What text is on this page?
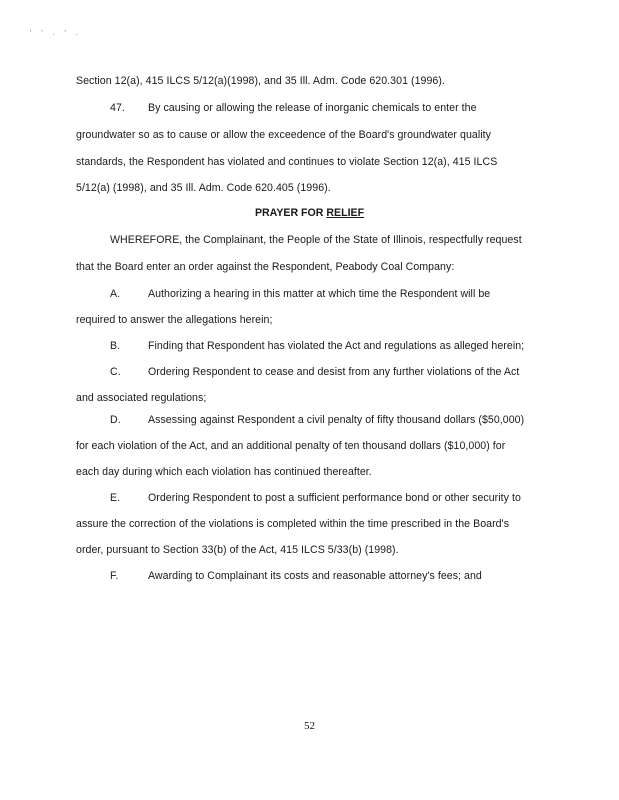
' ' . ' .
Section 12(a), 415 ILCS 5/12(a)(1998), and 35 Ill. Adm. Code 620.301 (1996).
47. By causing or allowing the release of inorganic chemicals to enter the
groundwater so as to cause or allow the exceedence of the Board's groundwater quality
standards, the Respondent has violated and continues to violate Section 12(a), 415 ILCS
5/12(a) (1998), and 35 Ill. Adm. Code 620.405 (1996).
PRAYER FOR RELIEF
WHEREFORE, the Complainant, the People of the State of Illinois, respectfully request
that the Board enter an order against the Respondent, Peabody Coal Company:
A.	Authorizing a hearing in this matter at which time the Respondent will be
required to answer the allegations herein;
B.	Finding that Respondent has violated the Act and regulations as alleged herein;
C.	Ordering Respondent to cease and desist from any further violations of the Act
and associated regulations;
D.	Assessing against Respondent a civil penalty of fifty thousand dollars ($50,000)
for each violation of the Act, and an additional penalty of ten thousand dollars ($10,000) for
each day during which each violation has continued thereafter.
E.	Ordering Respondent to post a sufficient performance bond or other security to
assure the correction of the violations is completed within the time prescribed in the Board's
order, pursuant to Section 33(b) of the Act, 415 ILCS 5/33(b) (1998).
F.	Awarding to Complainant its costs and reasonable attorney's fees; and
52
